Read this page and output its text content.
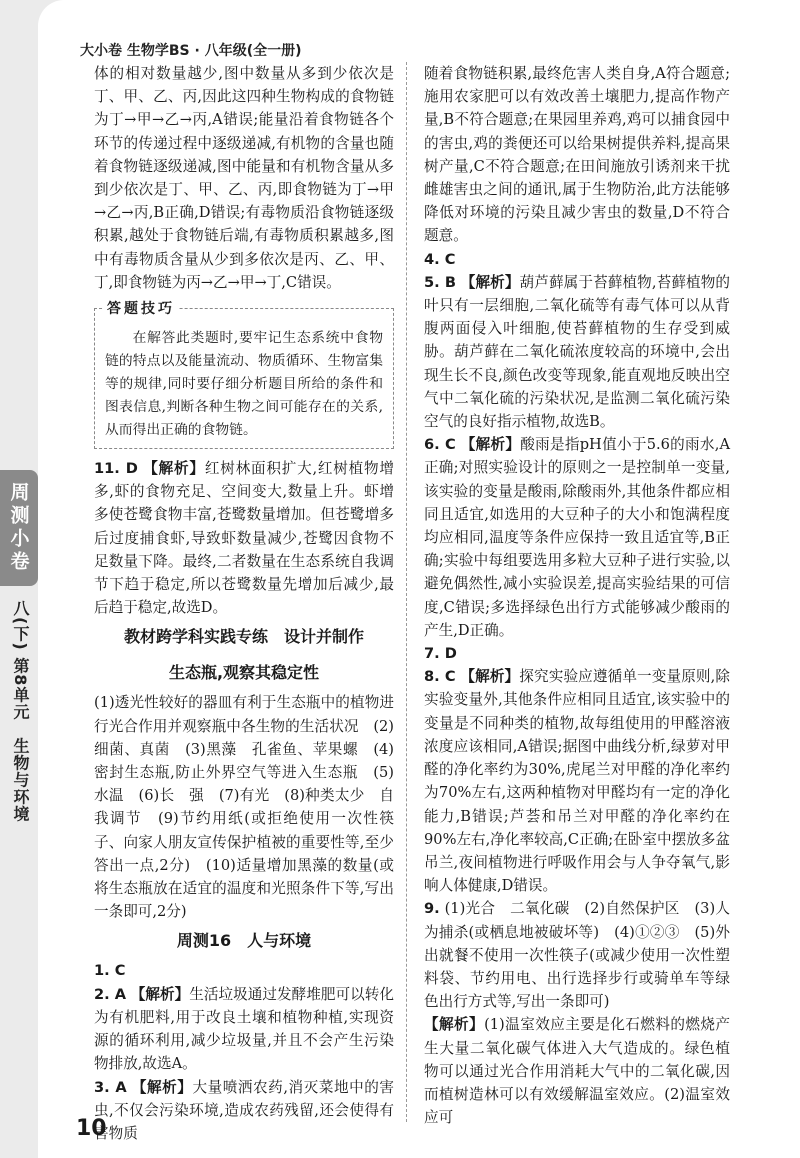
大小卷 生物学BS · 八年级(全一册)
周测小卷
八(下) 第8单元　生物与环境

体的相对数量越少,图中数量从多到少依次是丁、甲、乙、丙,因此这四种生物构成的食物链为丁→甲→乙→丙,A错误;能量沿着食物链各个环节的传递过程中逐级递减,有机物的含量也随着食物链逐级递减,图中能量和有机物含量从多到少依次是丁、甲、乙、丙,即食物链为丁→甲→乙→丙,B正确,D错误;有毒物质沿食物链逐级积累,越处于食物链后端,有毒物质积累越多,图中有毒物质含量从少到多依次是丙、乙、甲、丁,即食物链为丙→乙→甲→丁,C错误。

答题技巧

在解答此类题时,要牢记生态系统中食物链的特点以及能量流动、物质循环、生物富集等的规律,同时要仔细分析题目所给的条件和图表信息,判断各种生物之间可能存在的关系,从而得出正确的食物链。

11. D 【解析】红树林面积扩大,红树植物增多,虾的食物充足、空间变大,数量上升。虾增多使苍鹭食物丰富,苍鹭数量增加。但苍鹭增多后过度捕食虾,导致虾数量减少,苍鹭因食物不足数量下降。最终,二者数量在生态系统自我调节下趋于稳定,所以苍鹭数量先增加后减少,最后趋于稳定,故选D。

教材跨学科实践专练　设计并制作
生态瓶,观察其稳定性

(1)透光性较好的器皿有利于生态瓶中的植物进行光合作用并观察瓶中各生物的生活状况　(2)细菌、真菌　(3)黑藻　孔雀鱼、苹果螺　(4)密封生态瓶,防止外界空气等进入生态瓶　(5)水温　(6)长　强　(7)有光　(8)种类太少　自我调节　(9)节约用纸(或拒绝使用一次性筷子、向家人朋友宣传保护植被的重要性等,至少答出一点,2分)　(10)适量增加黑藻的数量(或将生态瓶放在适宜的温度和光照条件下等,写出一条即可,2分)

周测16　人与环境

1. C

2. A 【解析】生活垃圾通过发酵堆肥可以转化为有机肥料,用于改良土壤和植物种植,实现资源的循环利用,减少垃圾量,并且不会产生污染物排放,故选A。

3. A 【解析】大量喷洒农药,消灭菜地中的害虫,不仅会污染环境,造成农药残留,还会使得有害物质

随着食物链积累,最终危害人类自身,A符合题意;施用农家肥可以有效改善土壤肥力,提高作物产量,B不符合题意;在果园里养鸡,鸡可以捕食园中的害虫,鸡的粪便还可以给果树提供养料,提高果树产量,C不符合题意;在田间施放引诱剂来干扰雌雄害虫之间的通讯,属于生物防治,此方法能够降低对环境的污染且减少害虫的数量,D不符合题意。

4. C

5. B 【解析】葫芦藓属于苔藓植物,苔藓植物的叶只有一层细胞,二氧化硫等有毒气体可以从背腹两面侵入叶细胞,使苔藓植物的生存受到威胁。葫芦藓在二氧化硫浓度较高的环境中,会出现生长不良,颜色改变等现象,能直观地反映出空气中二氧化硫的污染状况,是监测二氧化硫污染空气的良好指示植物,故选B。

6. C 【解析】酸雨是指pH值小于5.6的雨水,A正确;对照实验设计的原则之一是控制单一变量,该实验的变量是酸雨,除酸雨外,其他条件都应相同且适宜,如选用的大豆种子的大小和饱满程度均应相同,温度等条件应保持一致且适宜等,B正确;实验中每组要选用多粒大豆种子进行实验,以避免偶然性,减小实验误差,提高实验结果的可信度,C错误;多选择绿色出行方式能够减少酸雨的产生,D正确。

7. D

8. C 【解析】探究实验应遵循单一变量原则,除实验变量外,其他条件应相同且适宜,该实验中的变量是不同种类的植物,故每组使用的甲醛溶液浓度应该相同,A错误;据图中曲线分析,绿萝对甲醛的净化率约为30%,虎尾兰对甲醛的净化率约为70%左右,这两种植物对甲醛均有一定的净化能力,B错误;芦荟和吊兰对甲醛的净化率约在90%左右,净化率较高,C正确;在卧室中摆放多盆吊兰,夜间植物进行呼吸作用会与人争夺氧气,影响人体健康,D错误。

9. (1)光合　二氧化碳　(2)自然保护区　(3)人为捕杀(或栖息地被破坏等)　(4)①②③　(5)外出就餐不使用一次性筷子(或减少使用一次性塑料袋、节约用电、出行选择步行或骑单车等绿色出行方式等,写出一条即可)

【解析】(1)温室效应主要是化石燃料的燃烧产生大量二氧化碳气体进入大气造成的。绿色植物可以通过光合作用消耗大气中的二氧化碳,因而植树造林可以有效缓解温室效应。(2)温室效应可

10
